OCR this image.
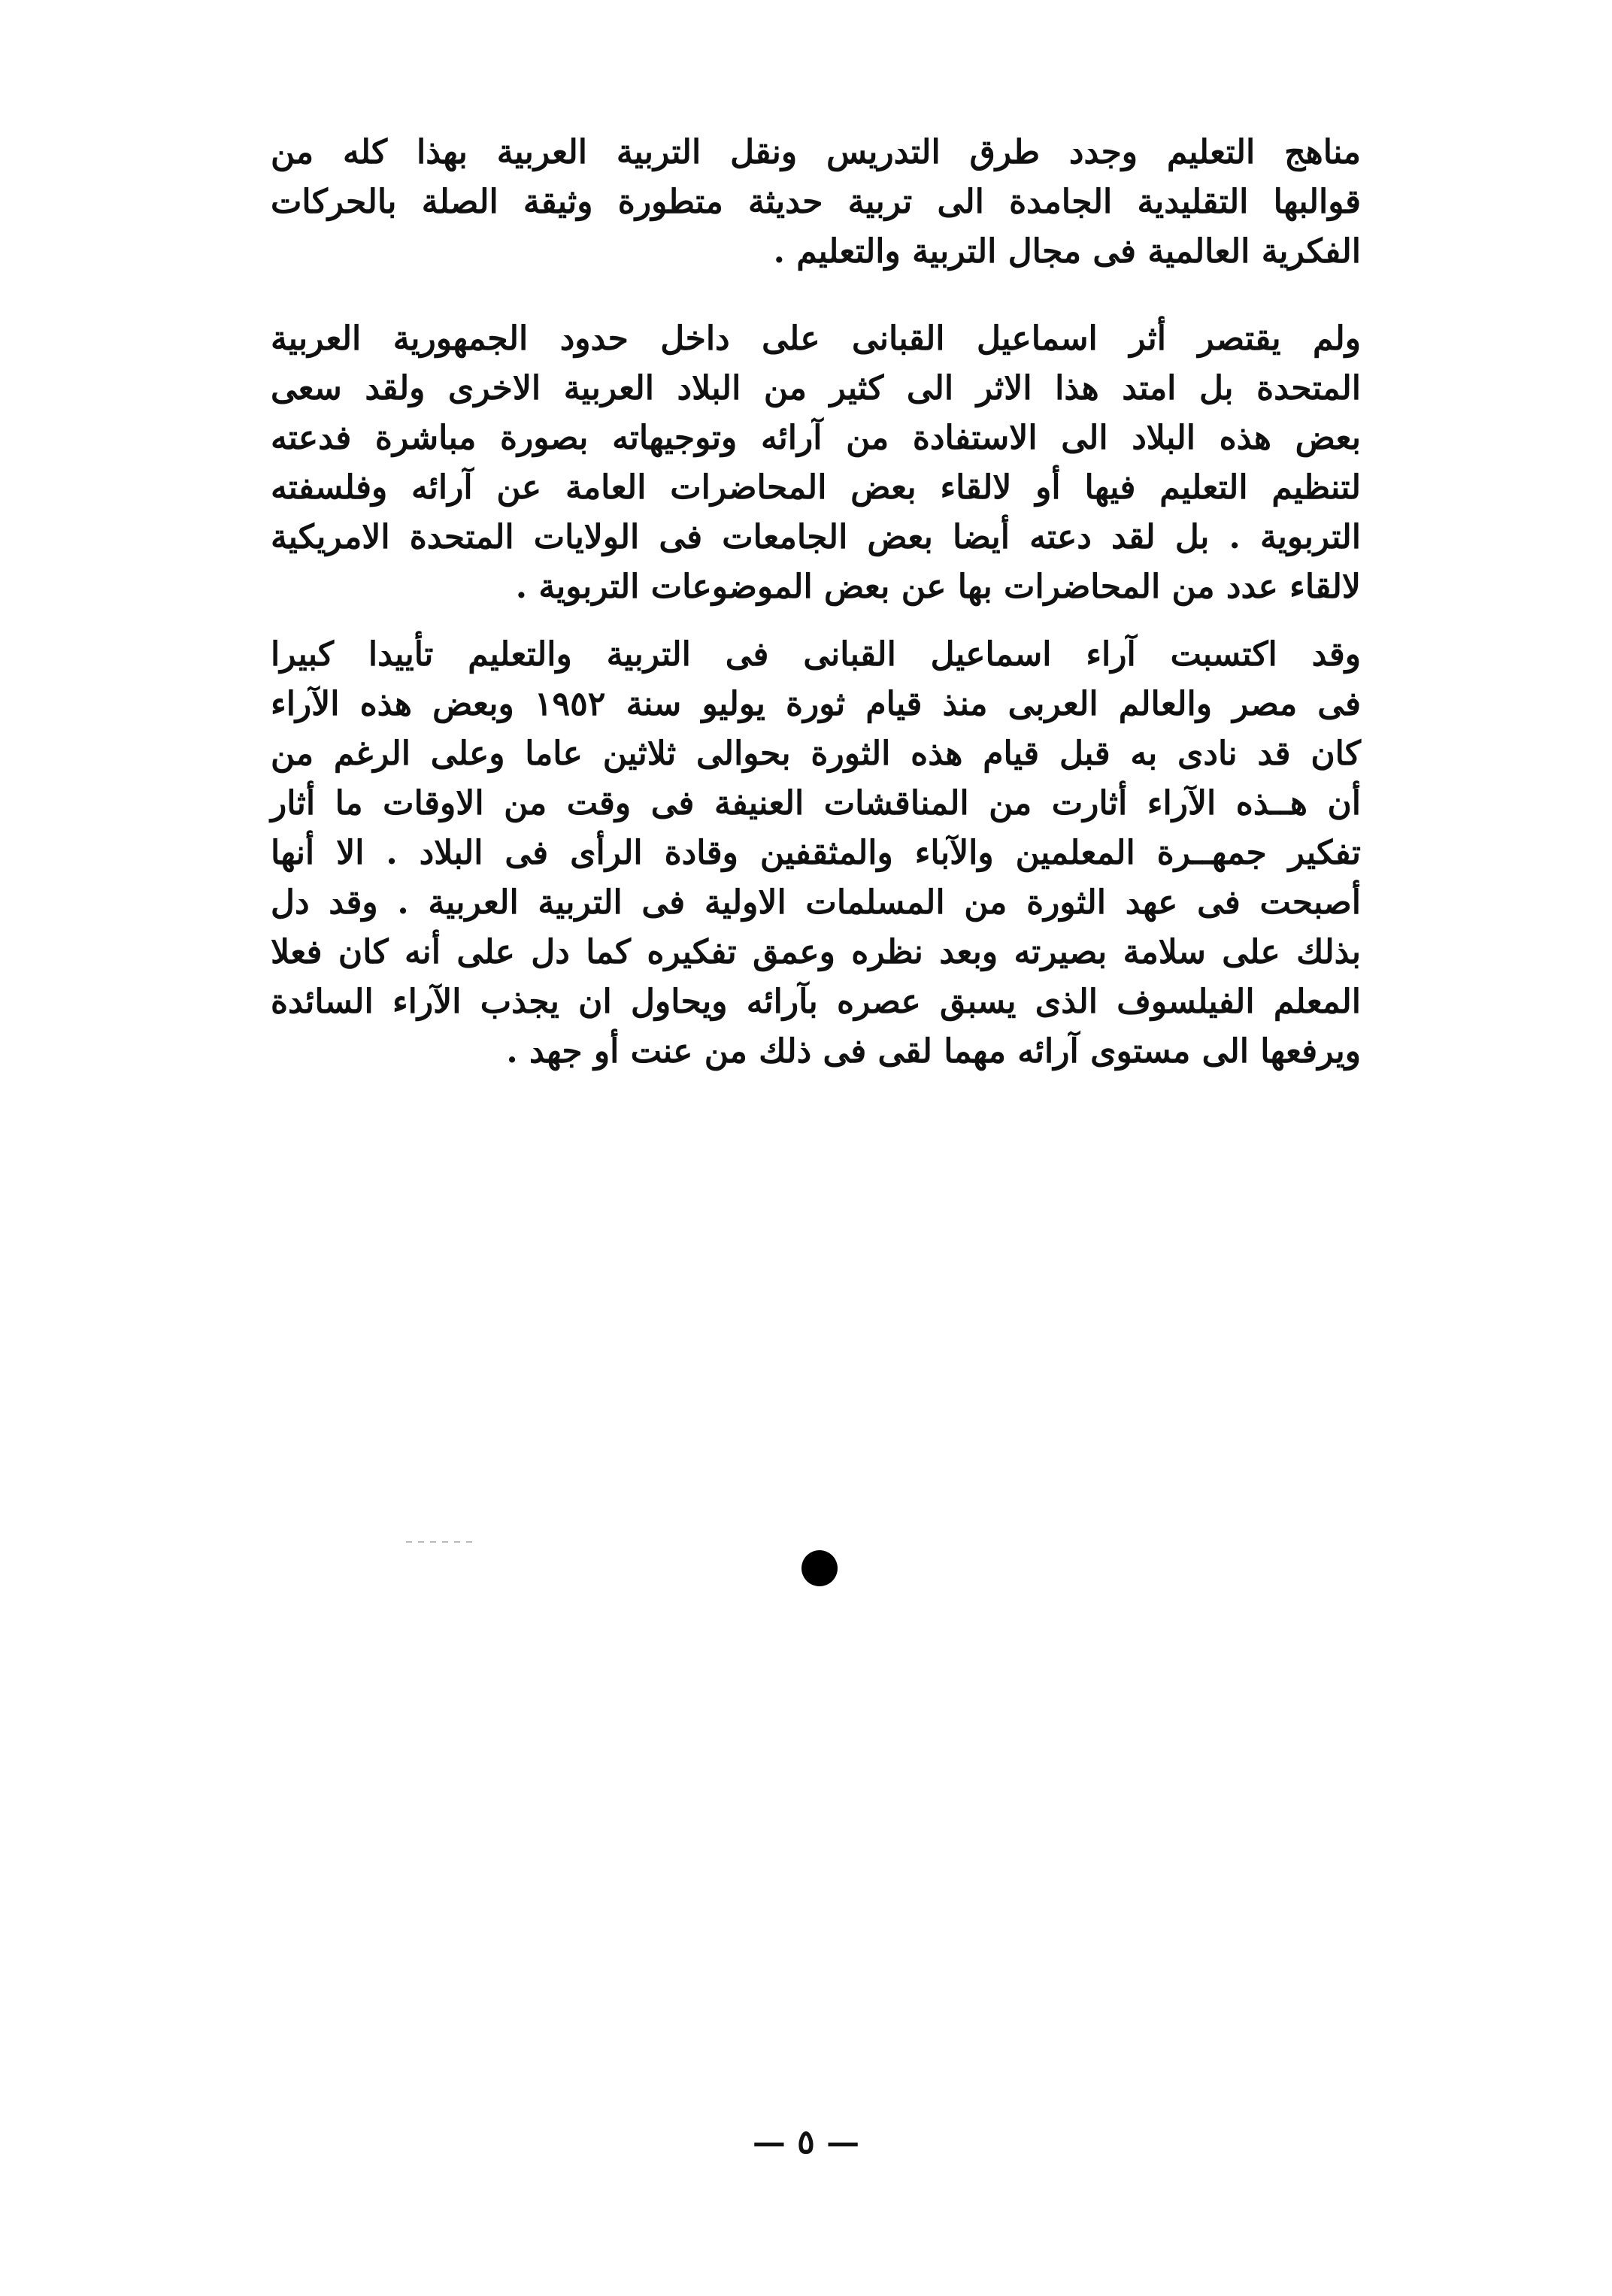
مناهج التعليم وجدد طرق التدريس ونقل التربية العربية بهذا كله من
قوالبها التقليدية الجامدة الى تربية حديثة متطورة وثيقة الصلة بالحركات
الفكرية العالمية فى مجال التربية والتعليم .
ولم يقتصر أثر اسماعيل القبانى على داخل حدود الجمهورية العربية
المتحدة بل امتد هذا الاثر الى كثير من البلاد العربية الاخرى ولقد سعى
بعض هذه البلاد الى الاستفادة من آرائه وتوجيهاته بصورة مباشرة فدعته
لتنظيم التعليم فيها أو لالقاء بعض المحاضرات العامة عن آرائه وفلسفته
التربوية . بل لقد دعته أيضا بعض الجامعات فى الولايات المتحدة الامريكية
لالقاء عدد من المحاضرات بها عن بعض الموضوعات التربوية .
وقد اكتسبت آراء اسماعيل القبانى فى التربية والتعليم تأييدا كبيرا
فى مصر والعالم العربى منذ قيام ثورة يوليو سنة ١٩٥٢ وبعض هذه الآراء
كان قد نادى به قبل قيام هذه الثورة بحوالى ثلاثين عاما وعلى الرغم من
أن هــذه الآراء أثارت من المناقشات العنيفة فى وقت من الاوقات ما أثار
تفكير جمهــرة المعلمين والآباء والمثقفين وقادة الرأى فى البلاد . الا أنها
أصبحت فى عهد الثورة من المسلمات الاولية فى التربية العربية . وقد دل
بذلك على سلامة بصيرته وبعد نظره وعمق تفكيره كما دل على أنه كان فعلا
المعلم الفيلسوف الذى يسبق عصره بآرائه ويحاول ان يجذب الآراء السائدة
ويرفعها الى مستوى آرائه مهما لقى فى ذلك من عنت أو جهد .
— ٥ —
